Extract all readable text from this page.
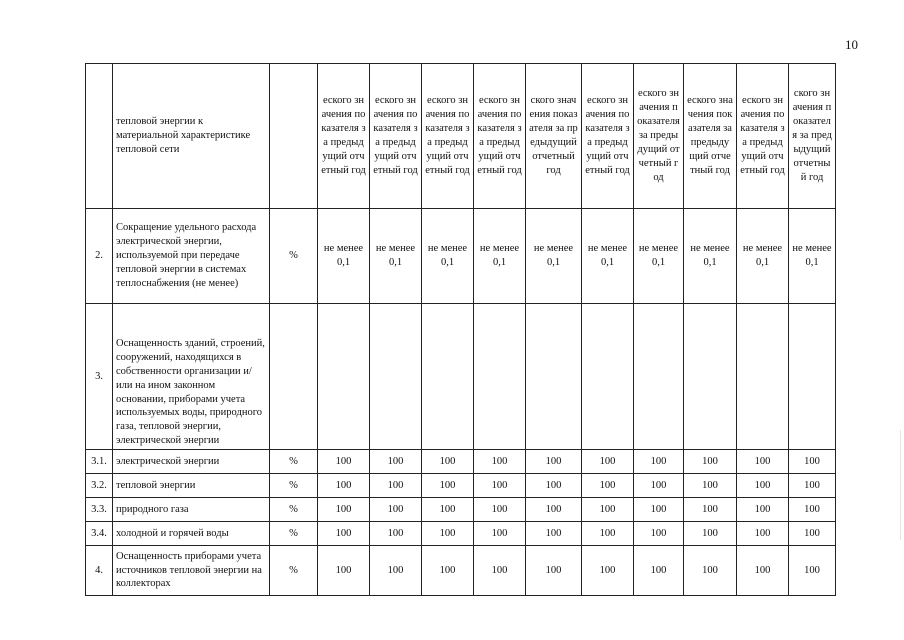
10
	тепловой энергии к материальной характеристике тепловой сети		еского значения показателя за предыдущий отчетный год	еского значения показателя за предыдущий отчетный год	еского значения показателя за предыдущий отчетный год	еского значения показателя за предыдущий отчетный год	ского значения показателя за предыдущий отчетный год	еского значения показателя за предыдущий отчетный год	еского значения показателя за предыдущий отчетный год	еского значения показателя за предыдущий отчетный год	еского значения показателя за предыдущий отчетный год	ского значения показателя за предыдущий отчетный год
2.	Сокращение удельного расхода электрической энергии, используемой при передаче тепловой энергии в системах теплоснабжения (не менее)	%	не менее 0,1	не менее 0,1	не менее 0,1	не менее 0,1	не менее 0,1	не менее 0,1	не менее 0,1	не менее 0,1	не менее 0,1	не менее 0,1
3.	Оснащенность зданий, строений, сооружений, находящихся в собственности организации и/или на ином законном основании, приборами учета используемых воды, природного газа, тепловой энергии, электрической энергии											

3.1.	электрической энергии	%	100	100	100	100	100	100	100	100	100	100
3.2.	тепловой энергии	%	100	100	100	100	100	100	100	100	100	100
3.3.	природного газа	%	100	100	100	100	100	100	100	100	100	100
3.4.	холодной и горячей воды	%	100	100	100	100	100	100	100	100	100	100
4.	Оснащенность приборами учета источников тепловой энергии на коллекторах	%	100	100	100	100	100	100	100	100	100	100
